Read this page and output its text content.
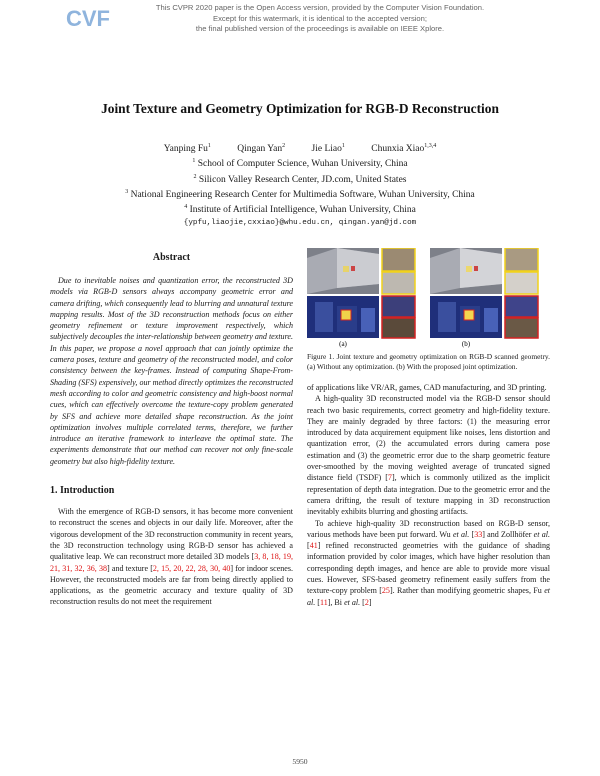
CVF	This CVPR 2020 paper is the Open Access version, provided by the Computer Vision Foundation.
Except for this watermark, it is identical to the accepted version;
the final published version of the proceedings is available on IEEE Xplore.
Joint Texture and Geometry Optimization for RGB-D Reconstruction
Yanping Fu$^1$	Qingan Yan$^2$	Jie Liao$^1$	Chunxia Xiao$^{1,3,4}$
$^1$ School of Computer Science, Wuhan University, China
$^2$ Silicon Valley Research Center, JD.com, United States
$^3$ National Engineering Research Center for Multimedia Software, Wuhan University, China
$^4$ Institute of Artificial Intelligence, Wuhan University, China
{ypfu,liaojie,cxxiao}@whu.edu.cn, qingan.yan@jd.com
Abstract

Due to inevitable noises and quantization error, the reconstructed 3D models via RGB-D sensors always accompany geometric error and camera drifting, which consequently lead to blurring and unnatural texture mapping results. Most of the 3D reconstruction methods focus on either geometry refinement or texture improvement respectively, which subjectively decouples the inter-relationship between geometry and texture. In this paper, we propose a novel approach that can jointly optimize the camera poses, texture and geometry of the reconstructed model, and color consistency between the key-frames. Instead of computing Shape-From-Shading (SFS) expensively, our method directly optimizes the reconstructed mesh according to color and geometric consistency and high-boost normal cues, which can effectively overcome the texture-copy problem generated by SFS and achieve more detailed shape reconstruction. As the joint optimization involves multiple correlated terms, therefore, we further introduce an iterative framework to interleave the optimal state. The experiments demonstrate that our method can recover not only fine-scale geometry but also high-fidelity texture.

1. Introduction

With the emergence of RGB-D sensors, it has become more convenient to reconstruct the scenes and objects in our daily life. Moreover, after the vigorous development of the 3D reconstruction community in recent years, the 3D reconstruction technology using RGB-D sensor has achieved a qualitative leap. We can reconstruct more detailed 3D models [3, 8, 18, 19, 21, 31, 32, 36, 38] and texture [2, 15, 20, 22, 28, 30, 40] for indoor scenes. However, the reconstructed models are far from being directly applied to applications, as the geometric accuracy and texture quality of 3D reconstruction results do not meet the requirement

(a)	(b)

Figure 1. Joint texture and geometry optimization on RGB-D scanned geometry. (a) Without any optimization. (b) With the proposed joint optimization.

of applications like VR/AR, games, CAD manufacturing, and 3D printing.

A high-quality 3D reconstructed model via the RGB-D sensor should reach two basic requirements, correct geometry and high-fidelity texture. They are mainly degraded by three factors: (1) the measuring error introduced by data acquirement equipment like noises, lens distortion and quantization error, (2) the accumulated errors during camera pose estimation and (3) the geometric error due to the sharp geometric feature over-smoothed by the moving weighted average of truncated signed distance field (TSDF) [7], which is commonly utilized as the implicit representation of depth data integration. Due to the geometric error and the camera drifting, the result of texture mapping in 3D reconstruction inevitably exhibits blurring and ghosting artifacts.

To achieve high-quality 3D reconstruction based on RGB-D sensor, various methods have been put forward. Wu et al. [33] and Zollhöfer et al. [41] refined reconstructed geometries with the guidance of shading information provided by color images, which have higher resolution than corresponding depth images, and hence are able to provide more visual cues. However, SFS-based geometry refinement easily suffers from the texture-copy problem [25]. Rather than modifying geometric shapes, Fu et al. [11], Bi et al. [2]

5950
